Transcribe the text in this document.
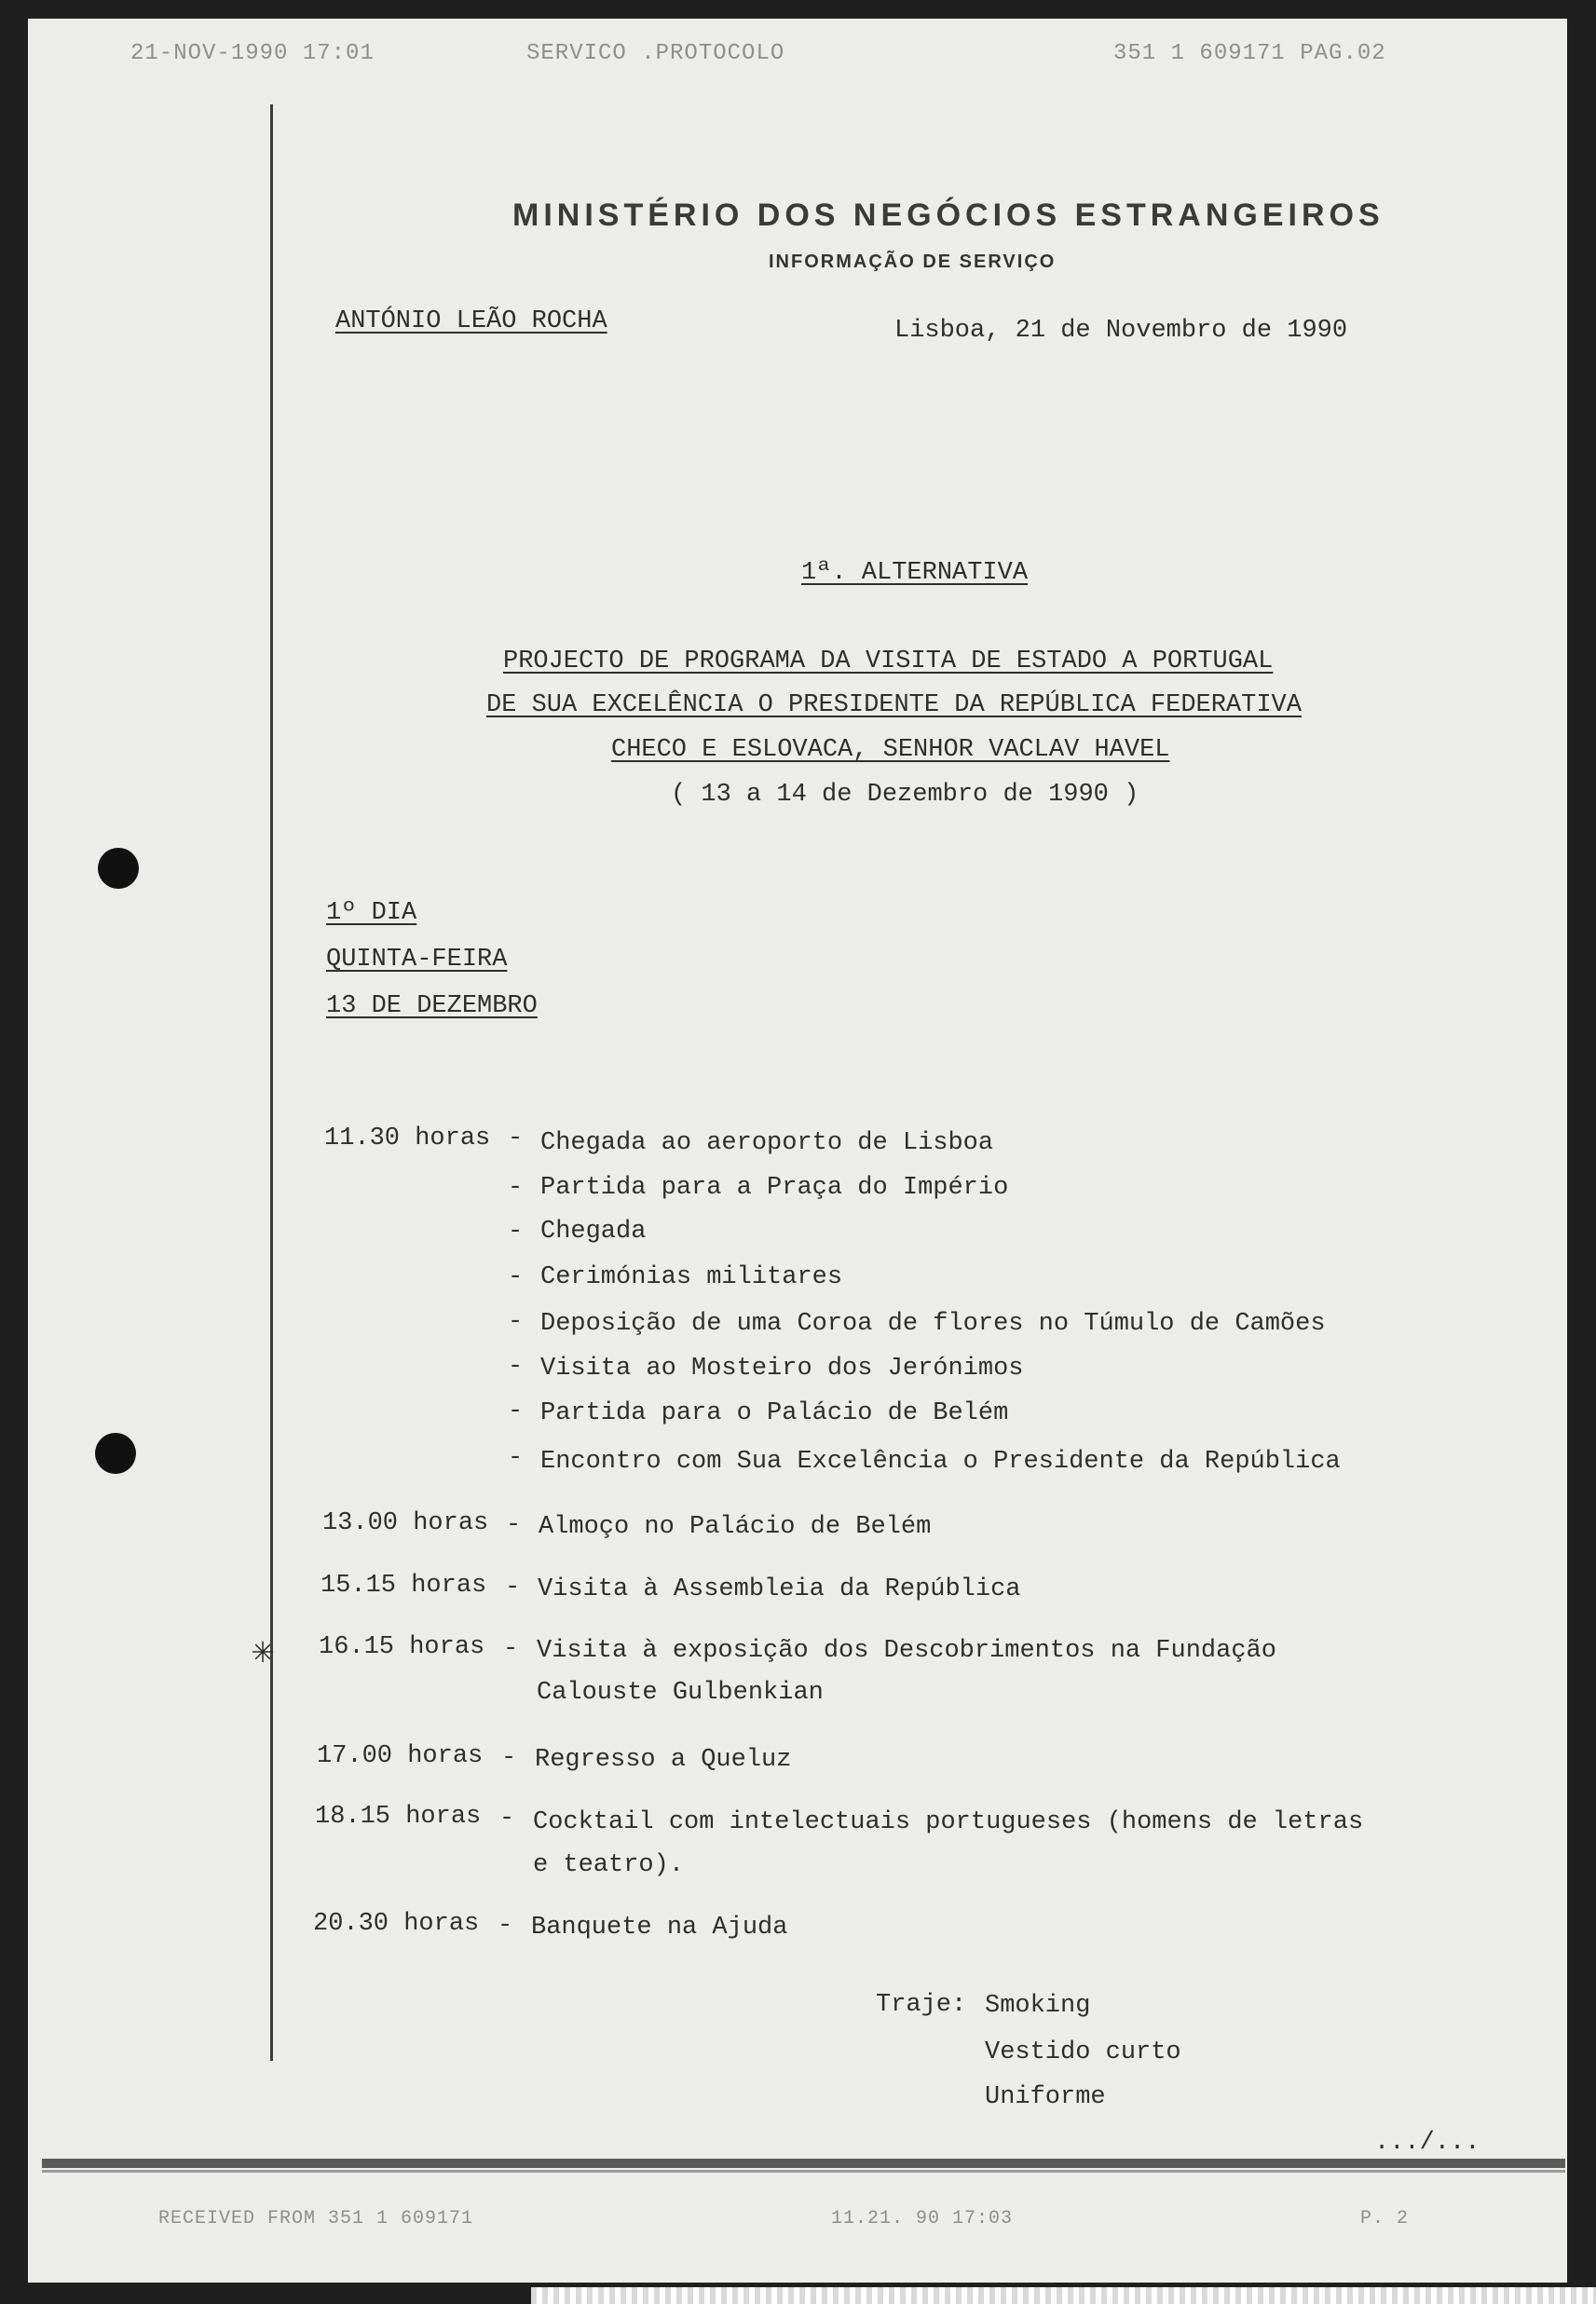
21-NOV-1990 17:01	SERVICO .PROTOCOLO	351 1 609171 PAG.02
MINISTÉRIO DOS NEGÓCIOS ESTRANGEIROS
INFORMAÇÃO DE SERVIÇO
ANTÓNIO LEÃO ROCHA	Lisboa, 21 de Novembro de 1990
1ª. ALTERNATIVA
PROJECTO DE PROGRAMA DA VISITA DE ESTADO A PORTUGAL
DE SUA EXCELÊNCIA O PRESIDENTE DA REPÚBLICA FEDERATIVA
CHECO E ESLOVACA, SENHOR VACLAV HAVEL
( 13 a 14 de Dezembro de 1990 )
1º DIA
QUINTA-FEIRA
13 DE DEZEMBRO
11.30 horas - Chegada ao aeroporto de Lisboa
- Partida para a Praça do Império
- Chegada
- Cerimónias militares
- Deposição de uma Coroa de flores no Túmulo de Camões
- Visita ao Mosteiro dos Jerónimos
- Partida para o Palácio de Belém
- Encontro com Sua Excelência o Presidente da República
13.00 horas - Almoço no Palácio de Belém
15.15 horas - Visita à Assembleia da República
✳ 16.15 horas - Visita à exposição dos Descobrimentos na Fundação
Calouste Gulbenkian
17.00 horas - Regresso a Queluz
18.15 horas - Cocktail com intelectuais portugueses (homens de letras
e teatro).
20.30 horas - Banquete na Ajuda
Traje: Smoking
Vestido curto
Uniforme
.../...
RECEIVED FROM 351 1 609171	11.21. 90 17:03	P. 2
